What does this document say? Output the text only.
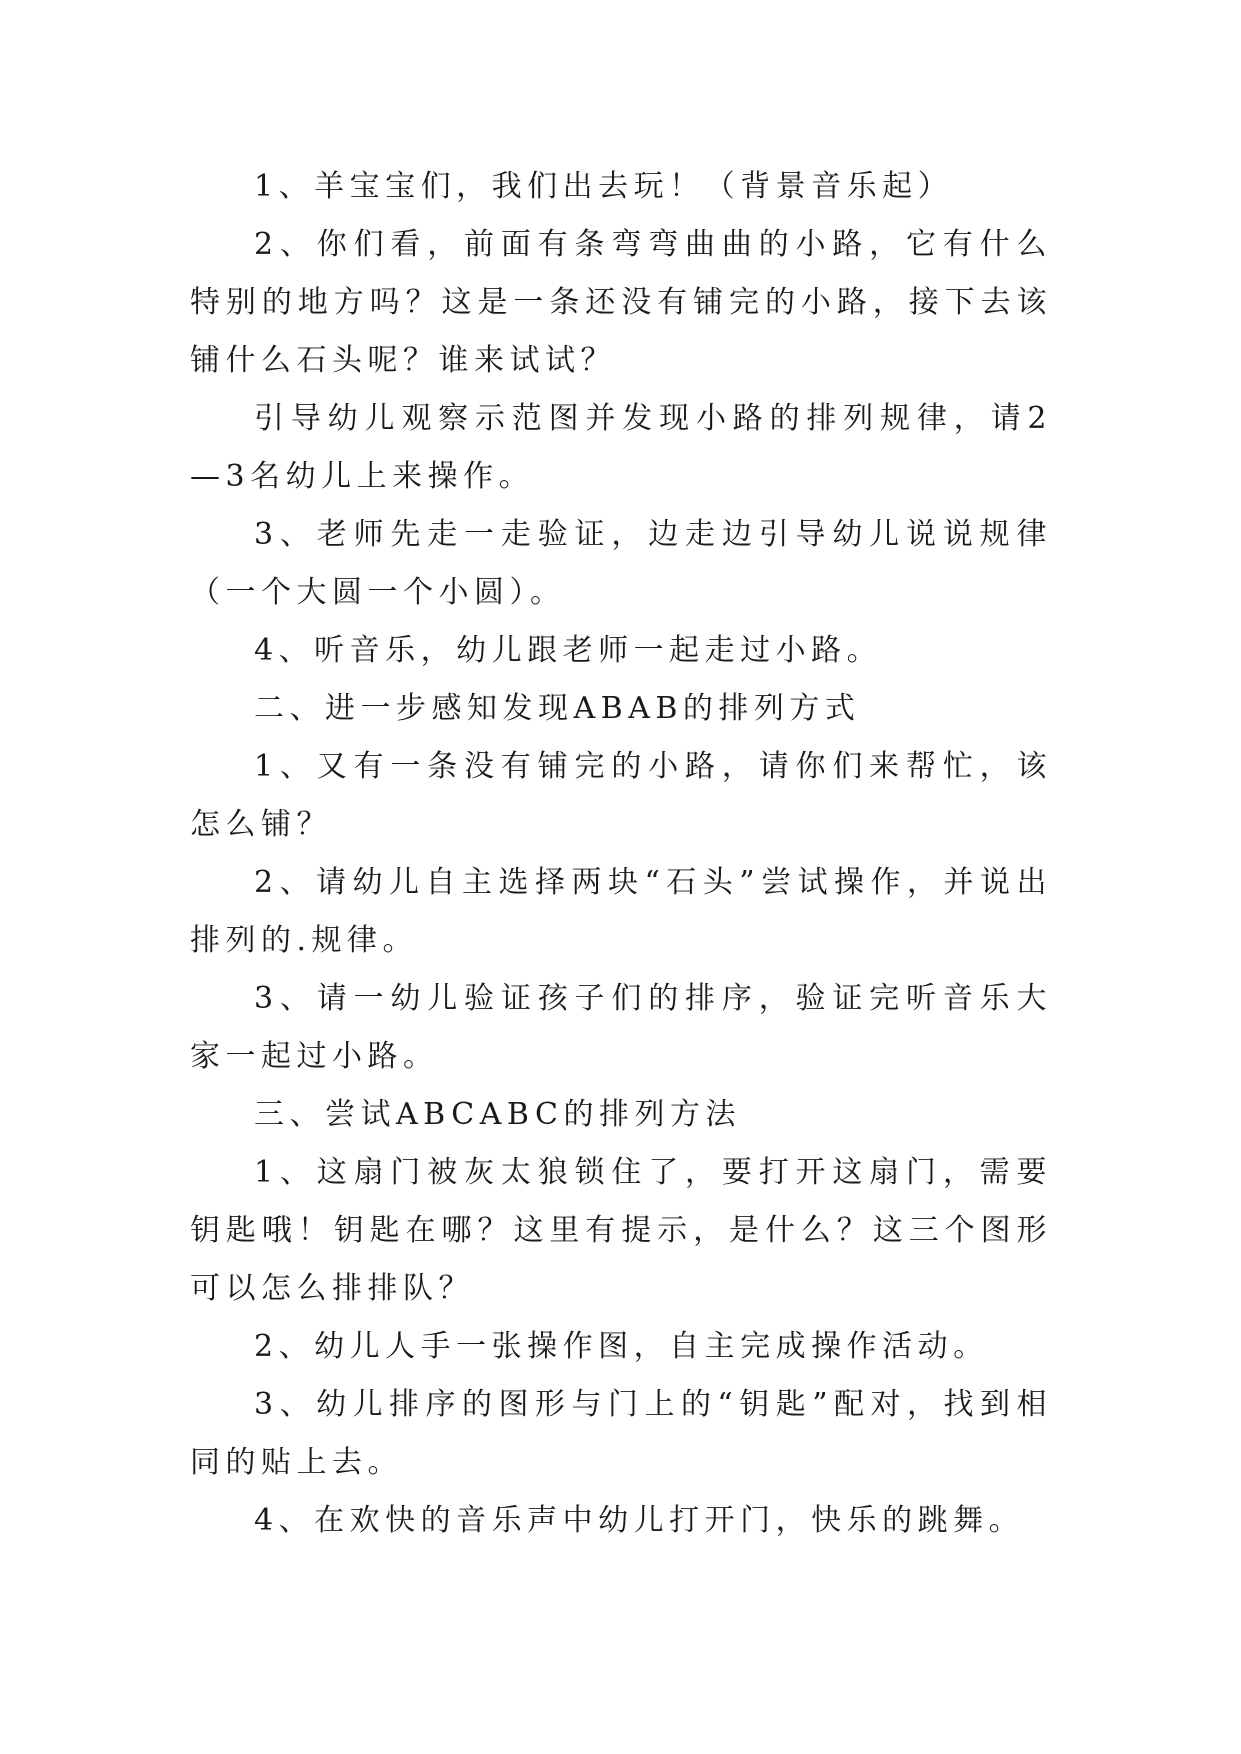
1、羊宝宝们，我们出去玩！（背景音乐起）

2、你们看，前面有条弯弯曲曲的小路，它有什么特别的地方吗？这是一条还没有铺完的小路，接下去该铺什么石头呢？谁来试试？

引导幼儿观察示范图并发现小路的排列规律，请2—3名幼儿上来操作。

3、老师先走一走验证，边走边引导幼儿说说规律（一个大圆一个小圆）。

4、听音乐，幼儿跟老师一起走过小路。

二、进一步感知发现ABAB的排列方式

1、又有一条没有铺完的小路，请你们来帮忙，该怎么铺？

2、请幼儿自主选择两块“石头”尝试操作，并说出排列的.规律。

3、请一幼儿验证孩子们的排序，验证完听音乐大家一起过小路。

三、尝试ABCABC的排列方法

1、这扇门被灰太狼锁住了，要打开这扇门，需要钥匙哦！钥匙在哪？这里有提示，是什么？这三个图形可以怎么排排队？

2、幼儿人手一张操作图，自主完成操作活动。

3、幼儿排序的图形与门上的“钥匙”配对，找到相同的贴上去。

4、在欢快的音乐声中幼儿打开门，快乐的跳舞。
